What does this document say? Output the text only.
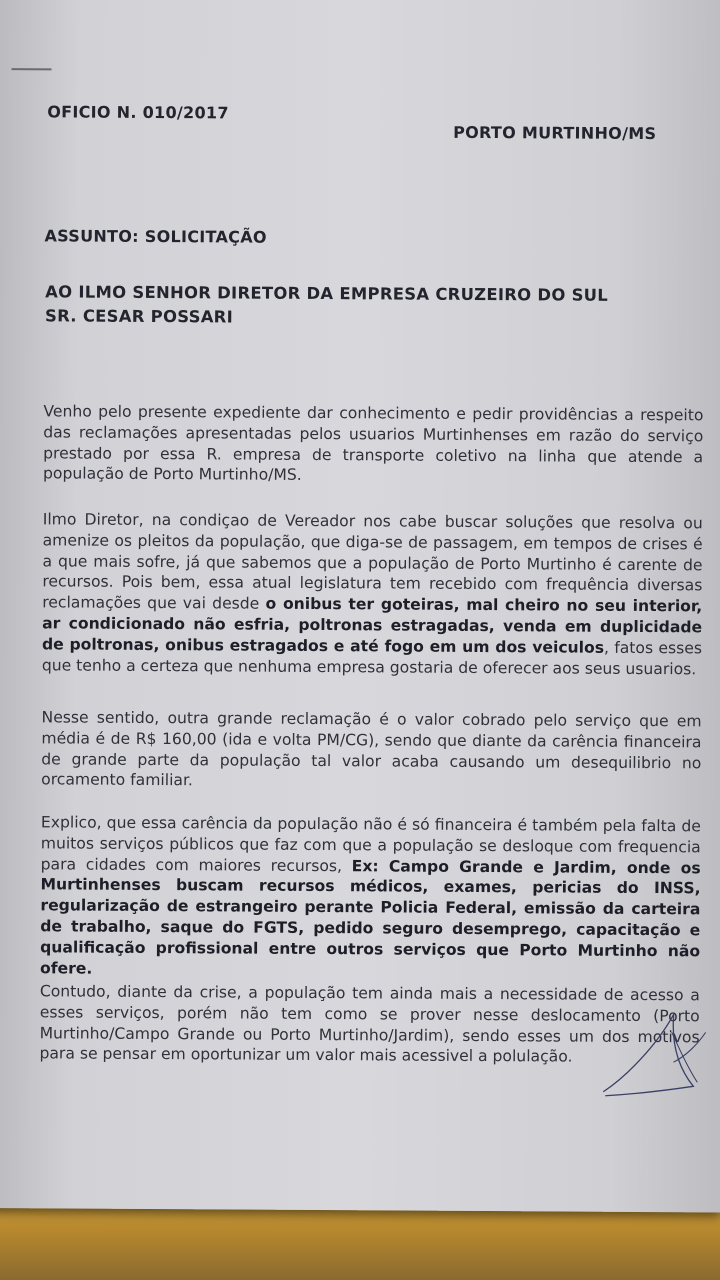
OFICIO N. 010/2017
PORTO MURTINHO/MS
ASSUNTO: SOLICITAÇÃO
AO ILMO SENHOR DIRETOR DA EMPRESA CRUZEIRO DO SUL
SR. CESAR POSSARI
Venho pelo presente expediente dar conhecimento e pedir providências a respeito das reclamações apresentadas pelos usuarios Murtinhenses em razão do serviço prestado por essa R. empresa de transporte coletivo na linha que atende a população de Porto Murtinho/MS.
Ilmo Diretor, na condiçao de Vereador nos cabe buscar soluções que resolva ou amenize os pleitos da população, que diga-se de passagem, em tempos de crises é a que mais sofre, já que sabemos que a população de Porto Murtinho é carente de recursos. Pois bem, essa atual legislatura tem recebido com frequência diversas reclamações que vai desde o onibus ter goteiras, mal cheiro no seu interior, ar condicionado não esfria, poltronas estragadas, venda em duplicidade de poltronas, onibus estragados e até fogo em um dos veiculos, fatos esses que tenho a certeza que nenhuma empresa gostaria de oferecer aos seus usuarios.
Nesse sentido, outra grande reclamação é o valor cobrado pelo serviço que em média é de R$ 160,00 (ida e volta PM/CG), sendo que diante da carência financeira de grande parte da população tal valor acaba causando um desequilibrio no orcamento familiar.
Explico, que essa carência da população não é só financeira é também pela falta de muitos serviços públicos que faz com que a população se desloque com frequencia para cidades com maiores recursos, Ex: Campo Grande e Jardim, onde os Murtinhenses buscam recursos médicos, exames, pericias do INSS, regularização de estrangeiro perante Policia Federal, emissão da carteira de trabalho, saque do FGTS, pedido seguro desemprego, capacitação e qualificação profissional entre outros serviços que Porto Murtinho não ofere.
Contudo, diante da crise, a população tem ainda mais a necessidade de acesso a esses serviços, porém não tem como se prover nesse deslocamento (Porto Murtinho/Campo Grande ou Porto Murtinho/Jardim), sendo esses um dos motivos para se pensar em oportunizar um valor mais acessivel a polulação.
